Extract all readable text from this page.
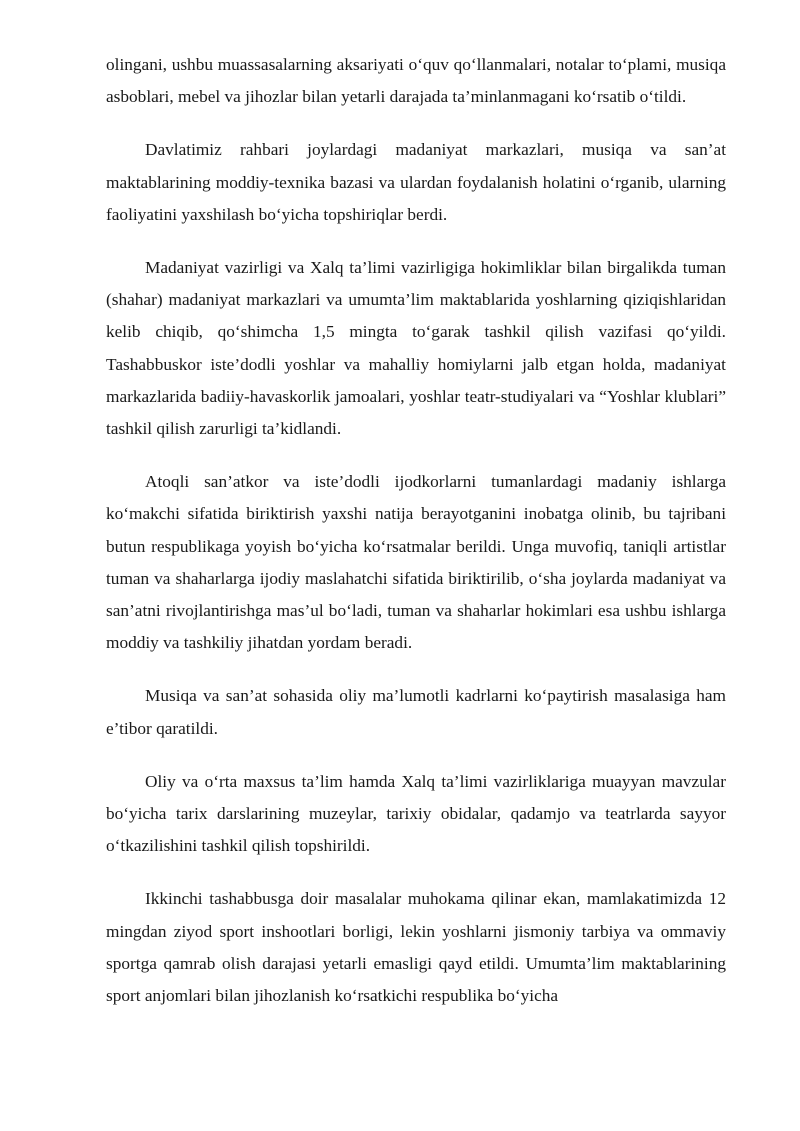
olingani, ushbu muassasalarning aksariyati o‘quv qo‘llanmalari, notalar to‘plami, musiqa asboblari, mebel va jihozlar bilan yetarli darajada ta’minlanmagani ko‘rsatib o‘tildi.

Davlatimiz rahbari joylardagi madaniyat markazlari, musiqa va san’at maktablarining moddiy-texnika bazasi va ulardan foydalanish holatini o‘rganib, ularning faoliyatini yaxshilash bo‘yicha topshiriqlar berdi.

Madaniyat vazirligi va Xalq ta’limi vazirligiga hokimliklar bilan birgalikda tuman (shahar) madaniyat markazlari va umumta’lim maktablarida yoshlarning qiziqishlaridan kelib chiqib, qo‘shimcha 1,5 mingta to‘garak tashkil qilish vazifasi qo‘yildi. Tashabbuskor iste’dodli yoshlar va mahalliy homiylarni jalb etgan holda, madaniyat markazlarida badiiy-havaskorlik jamoalari, yoshlar teatr-studiyalari va “Yoshlar klublari” tashkil qilish zarurligi ta’kidlandi.

Atoqli san’atkor va iste’dodli ijodkorlarni tumanlardagi madaniy ishlarga ko‘makchi sifatida biriktirish yaxshi natija berayotganini inobatga olinib, bu tajribani butun respublikaga yoyish bo‘yicha ko‘rsatmalar berildi. Unga muvofiq, taniqli artistlar tuman va shaharlarga ijodiy maslahatchi sifatida biriktirilib, o‘sha joylarda madaniyat va san’atni rivojlantirishga mas’ul bo‘ladi, tuman va shaharlar hokimlari esa ushbu ishlarga moddiy va tashkiliy jihatdan yordam beradi.

Musiqa va san’at sohasida oliy ma’lumotli kadrlarni ko‘paytirish masalasiga ham e’tibor qaratildi.

Oliy va o‘rta maxsus ta’lim hamda Xalq ta’limi vazirliklariga muayyan mavzular bo‘yicha tarix darslarining muzeylar, tarixiy obidalar, qadamjo va teatrlarda sayyor o‘tkazilishini tashkil qilish topshirildi.

Ikkinchi tashabbusga doir masalalar muhokama qilinar ekan, mamlakatimizda 12 mingdan ziyod sport inshootlari borligi, lekin yoshlarni jismoniy tarbiya va ommaviy sportga qamrab olish darajasi yetarli emasligi qayd etildi. Umumta’lim maktablarining sport anjomlari bilan jihozlanish ko‘rsatkichi respublika bo‘yicha
